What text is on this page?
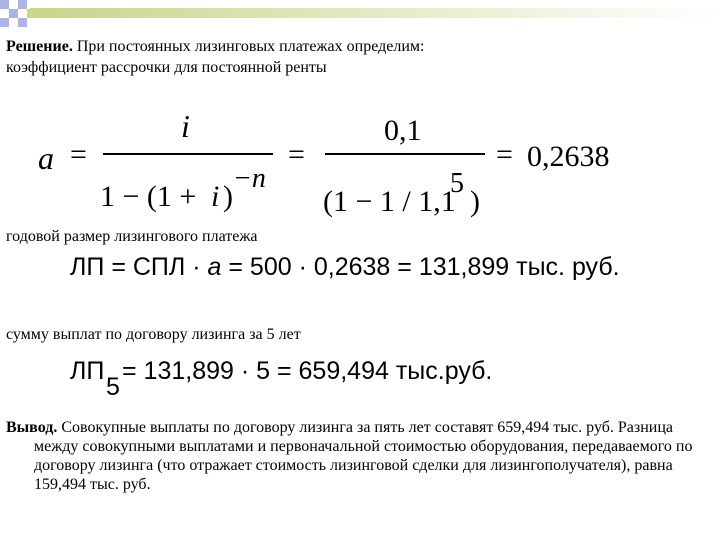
Решение. При постоянных лизинговых платежах определим:
коэффициент рассрочки для постоянной ренты
a =
i
1 − (1 + i )
−n
=
0,1
(1 − 1 / 1,1
5
)
= 0,2638
годовой размер лизингового платежа
ЛП = СПЛ · a = 500 · 0,2638 = 131,899 тыс. руб.
сумму выплат по договору лизинга за 5 лет
ЛП
5
= 131,899 · 5 = 659,494 тыс.руб.
Вывод. Совокупные выплаты по договору лизинга за пять лет составят 659,494 тыс. руб. Разница между совокупными выплатами и первоначальной стоимостью оборудования, передаваемого по договору лизинга (что отражает стоимость лизинговой сделки для лизингополучателя), равна 159,494 тыс. руб.
